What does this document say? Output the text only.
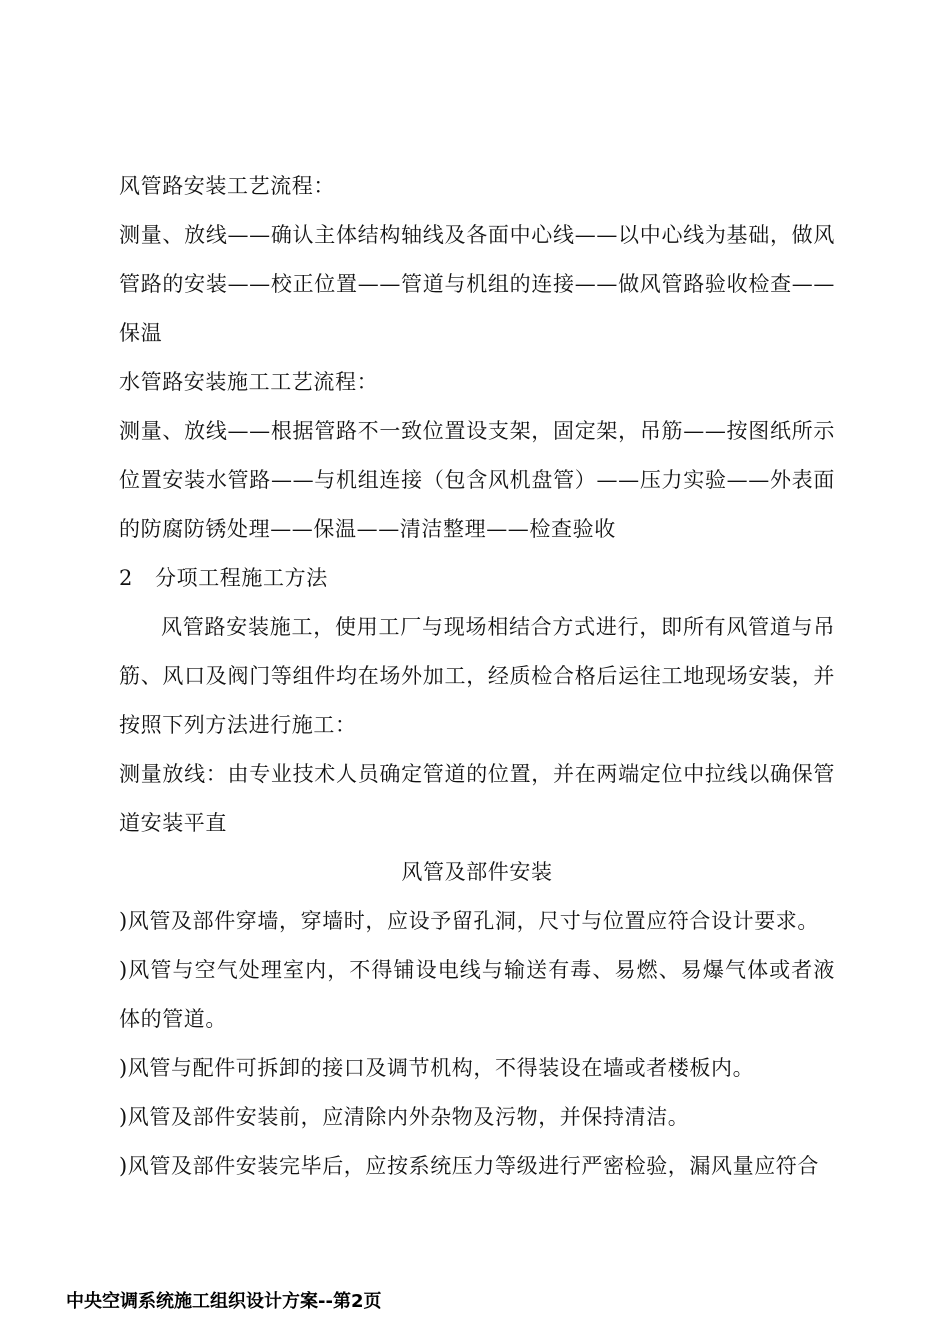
风管路安装工艺流程：

测量、放线——确认主体结构轴线及各面中心线——以中心线为基础，做风管路的安装——校正位置——管道与机组的连接——做风管路验收检查——保温

水管路安装施工工艺流程：

测量、放线——根据管路不一致位置设支架，固定架，吊筋——按图纸所示位置安装水管路——与机组连接（包含风机盘管）——压力实验——外表面的防腐防锈处理——保温——清洁整理——检查验收

2 分项工程施工方法

风管路安装施工，使用工厂与现场相结合方式进行，即所有风管道与吊筋、风口及阀门等组件均在场外加工，经质检合格后运往工地现场安装，并按照下列方法进行施工：

测量放线：由专业技术人员确定管道的位置，并在两端定位中拉线以确保管道安装平直

风管及部件安装

)风管及部件穿墙，穿墙时，应设予留孔洞，尺寸与位置应符合设计要求。

)风管与空气处理室内，不得铺设电线与输送有毒、易燃、易爆气体或者液体的管道。

)风管与配件可拆卸的接口及调节机构，不得装设在墙或者楼板内。

)风管及部件安装前，应清除内外杂物及污物，并保持清洁。

)风管及部件安装完毕后，应按系统压力等级进行严密检验，漏风量应符合

中央空调系统施工组织设计方案--第2页
